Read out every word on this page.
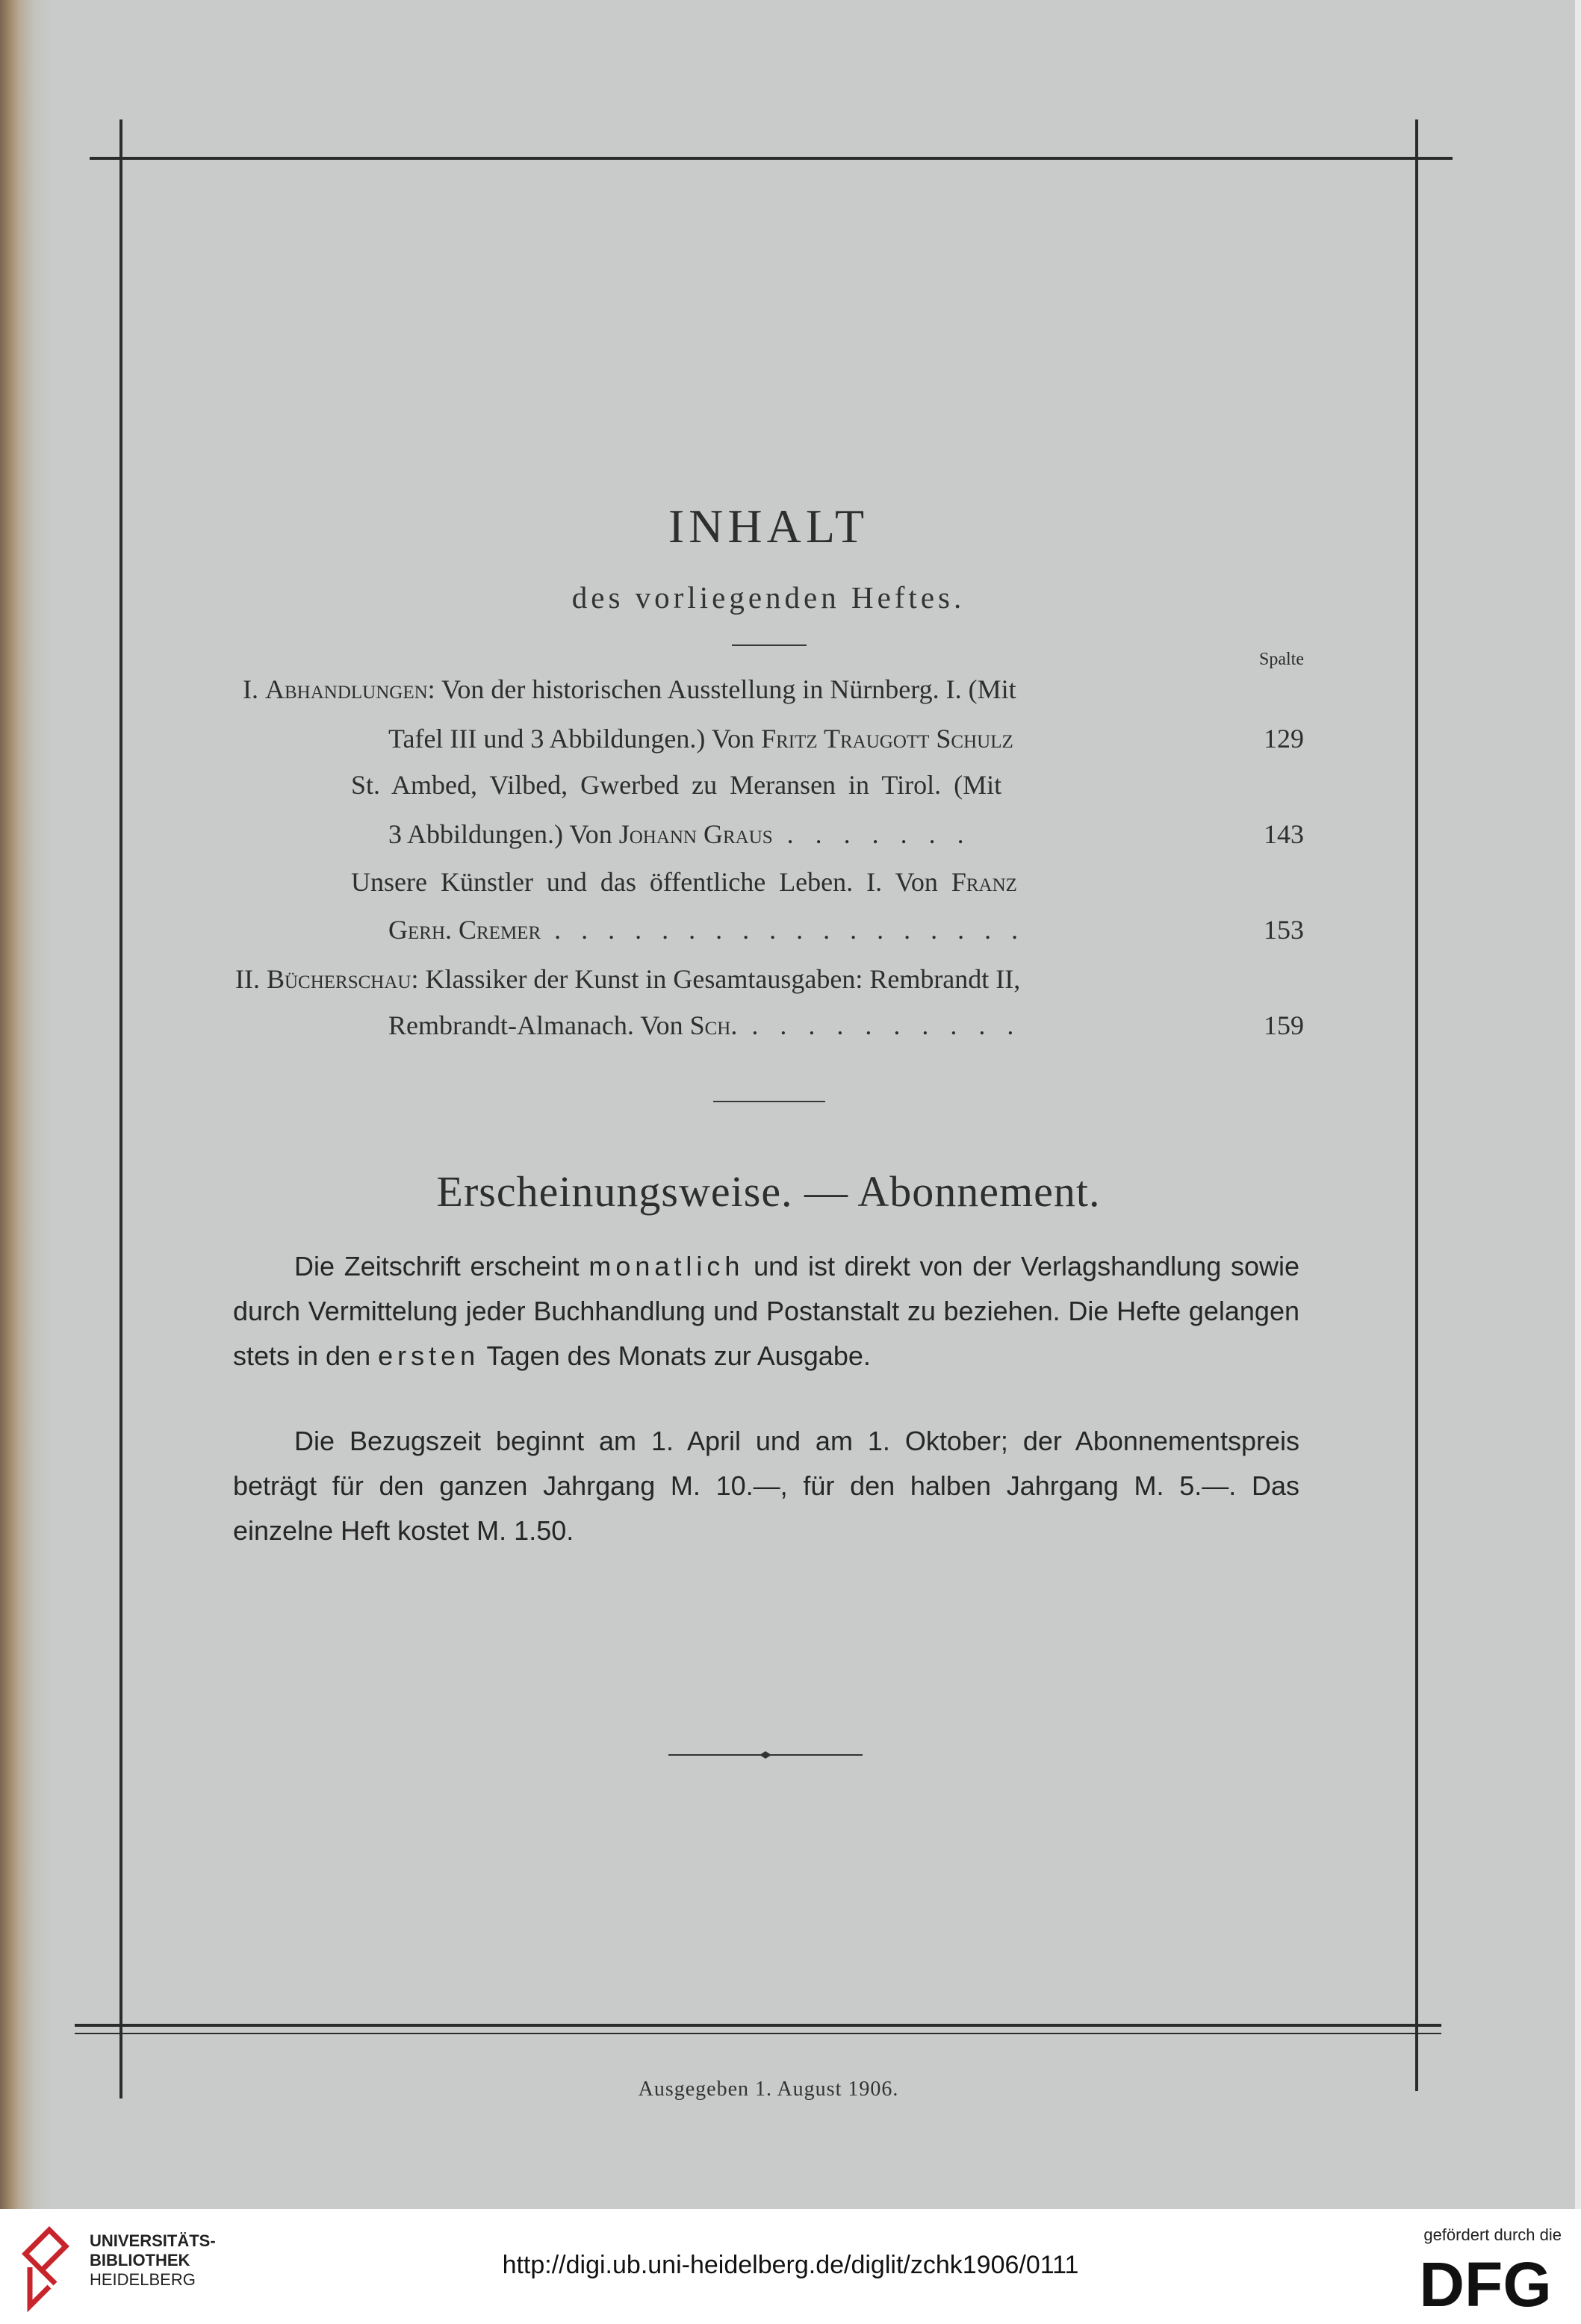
INHALT
des vorliegenden Heftes.
Spalte
I. Abhandlungen: Von der historischen Ausstellung in Nürnberg. I. (Mit
Tafel III und 3 Abbildungen.) Von Fritz Traugott Schulz	129
St. Ambed, Vilbed, Gwerbed zu Meransen in Tirol. (Mit
3 Abbildungen.) Von Johann Graus . . . . . . .	143
Unsere Künstler und das öffentliche Leben. I. Von Franz
Gerh. Cremer . . . . . . . . . . . . . . . . . .	153
II. Bücherschau: Klassiker der Kunst in Gesamtausgaben: Rembrandt II,
Rembrandt-Almanach. Von Sch. . . . . . . . . . .	159
Erscheinungsweise. — Abonnement.
Die Zeitschrift erscheint monatlich und ist direkt von der Verlagshandlung sowie durch Vermittelung jeder Buchhandlung und Postanstalt zu beziehen. Die Hefte gelangen stets in den ersten Tagen des Monats zur Ausgabe.
Die Bezugszeit beginnt am 1. April und am 1. Oktober; der Abonnementspreis beträgt für den ganzen Jahrgang M. 10.—, für den halben Jahrgang M. 5.—. Das einzelne Heft kostet M. 1.50.
Ausgegeben 1. August 1906.
UNIVERSITÄTS-
BIBLIOTHEK
HEIDELBERG
http://digi.ub.uni-heidelberg.de/diglit/zchk1906/0111
gefördert durch die
DFG
